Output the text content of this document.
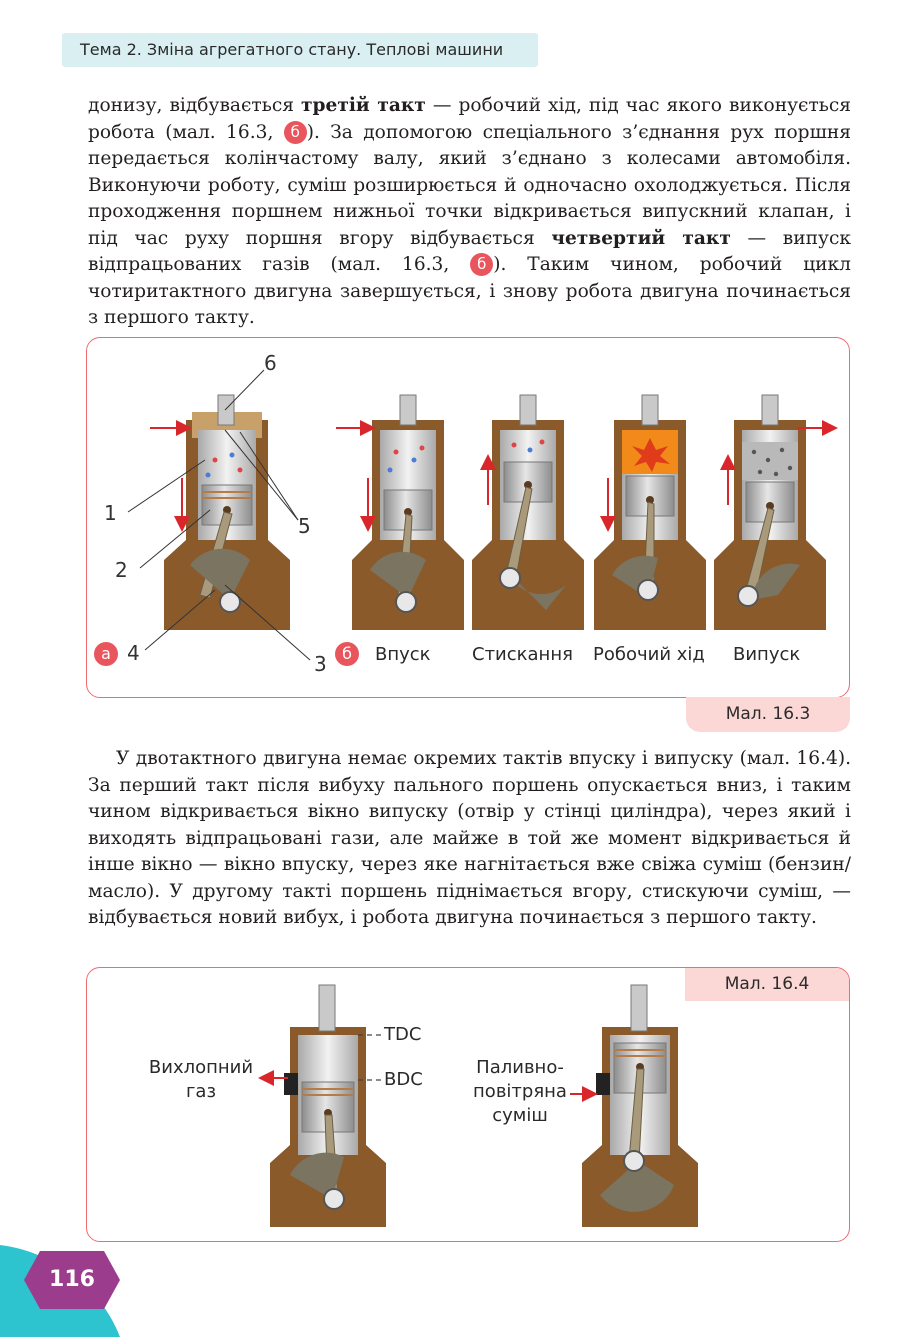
Тема 2. Зміна агрегатного стану. Теплові машини

донизу, відбувається третій такт — робочий хід, під час якого виконується робота (мал. 16.3, б ). За допомогою спеціального з’єднання рух поршня передається колінчастому валу, який з’єднано з колесами автомобіля. Виконуючи роботу, суміш розширюється й одночасно охолоджується. Після проходження поршнем нижньої точки відкривається випускний клапан, і під час руху поршня вгору відбувається четвертий такт — випуск відпрацьованих газів (мал. 16.3, б ). Таким чином, робочий цикл чотиритактного двигуна завершується, і знову робота двигуна починається з першого такту.

Мал. 16.3
6
1
5
2
4	3
а	б	Впуск Стискання Робочий хід Випуск

У двотактного двигуна немає окремих тактів впуску і випуску (мал. 16.4). За перший такт після вибуху пального поршень опускається вниз, і таким чином відкривається вікно випуску (отвір у стінці циліндра), через який і виходять відпрацьовані гази, але майже в той же момент відкривається й інше вікно — вікно впуску, через яке нагнітається вже свіжа суміш (бензин/масло). У другому такті поршень піднімається вгору, стискуючи суміш, — відбувається новий вибух, і робота двигуна починається з першого такту.

Мал. 16.4
TDC
BDC
Вихлопний
газ
Паливно-
повітряна
суміш
116
